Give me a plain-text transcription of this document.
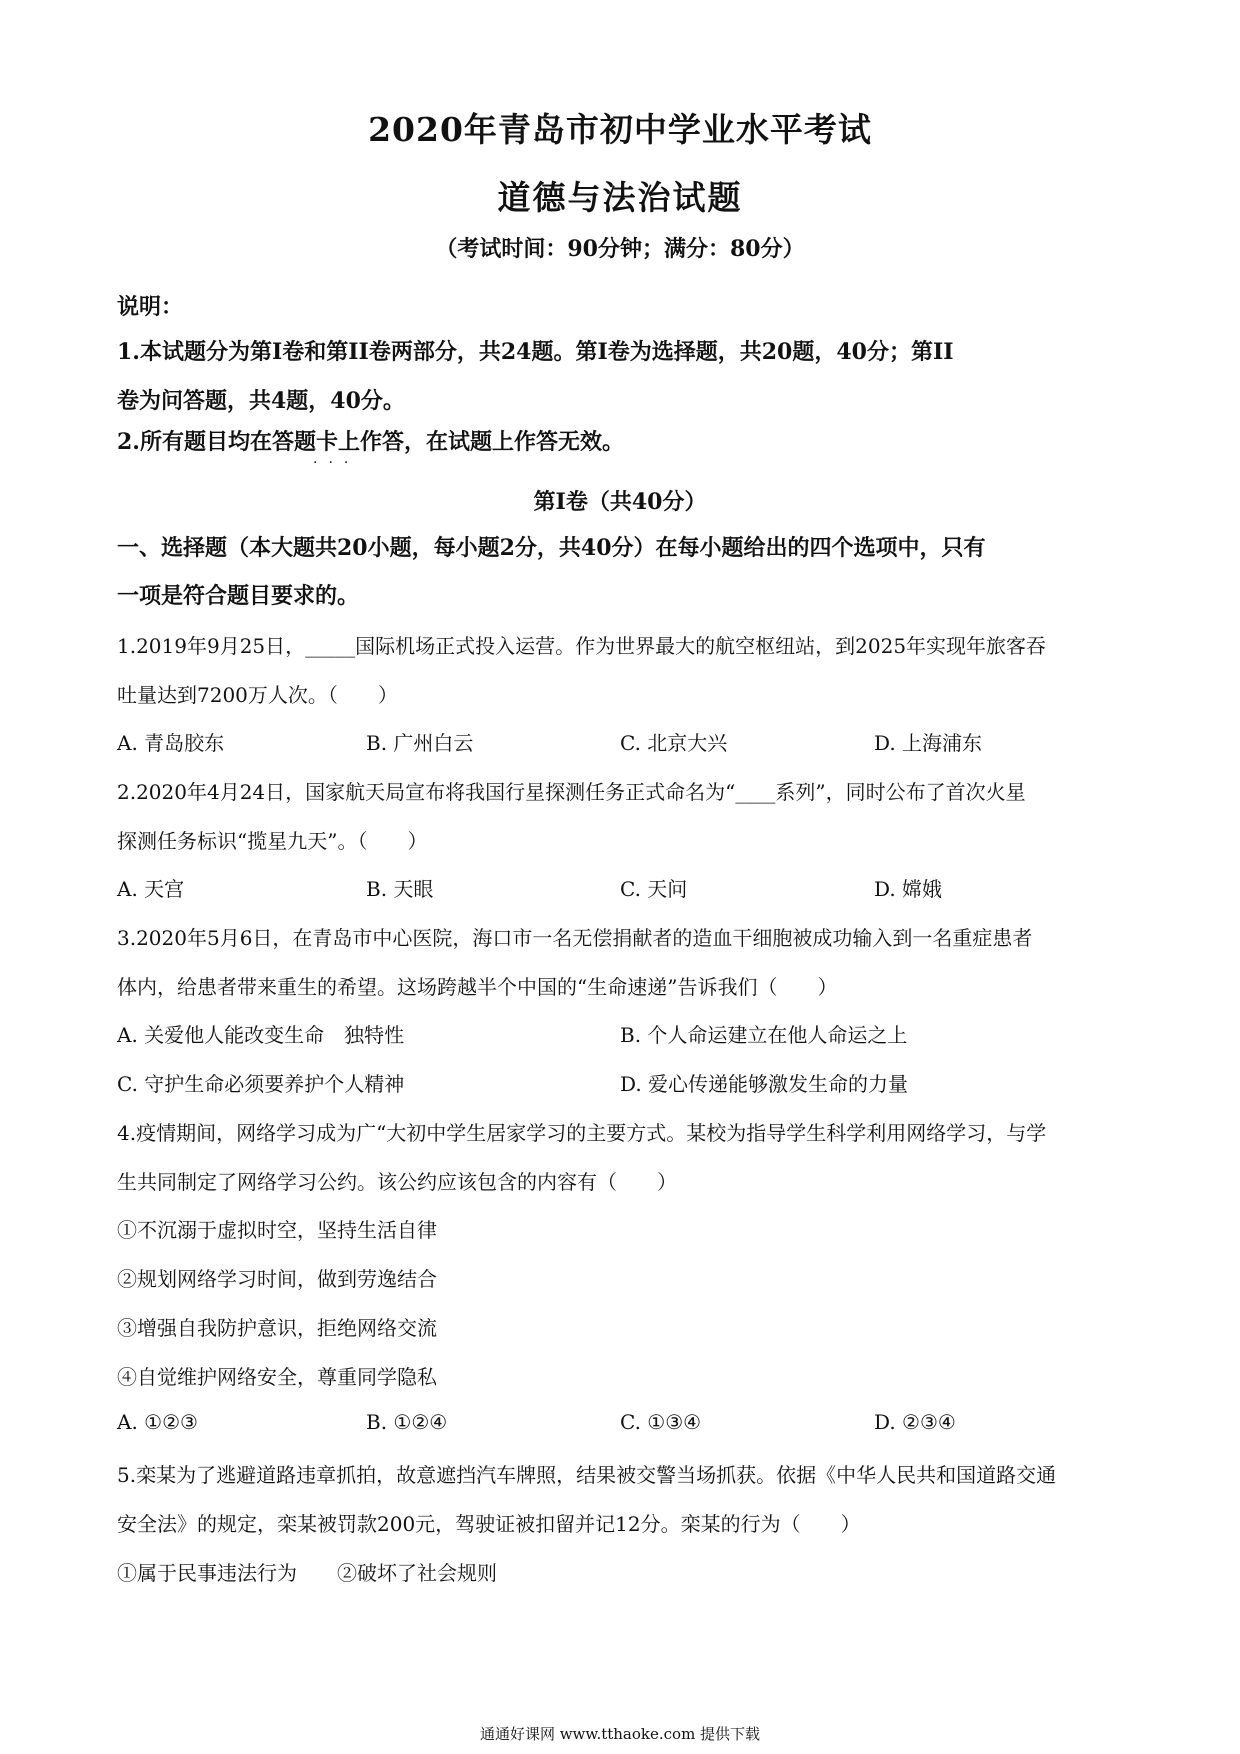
2020年青岛市初中学业水平考试
道德与法治试题
（考试时间：90分钟；满分：80分）
说明：
1.本试题分为第Ⅰ卷和第II卷两部分，共24题。第Ⅰ卷为选择题，共20题，40分；第II
卷为问答题，共4题，40分。
2.所有题目均在答题卡上作答，在试题上作答无效。
···
第Ⅰ卷（共40分）
一、选择题（本大题共20小题，每小题2分，共40分）在每小题给出的四个选项中，只有
一项是符合题目要求的。
1.2019年9月25日，_____国际机场正式投入运营。作为世界最大的航空枢纽站，到2025年实现年旅客吞
吐量达到7200万人次。（　　）
A. 青岛胶东	B. 广州白云	C. 北京大兴	D. 上海浦东
2.2020年4月24日，国家航天局宣布将我国行星探测任务正式命名为“____系列”，同时公布了首次火星
探测任务标识“揽星九天”。（　　）
A. 天宫	B. 天眼	C. 天问	D. 嫦娥
3.2020年5月6日，在青岛市中心医院，海口市一名无偿捐献者的造血干细胞被成功输入到一名重症患者
体内，给患者带来重生的希望。这场跨越半个中国的“生命速递”告诉我们（　　）
A. 关爱他人能改变生命　独特性	B. 个人命运建立在他人命运之上
C. 守护生命必须要养护个人精神	D. 爱心传递能够激发生命的力量
4.疫情期间，网络学习成为广“大初中学生居家学习的主要方式。某校为指导学生科学利用网络学习，与学
生共同制定了网络学习公约。该公约应该包含的内容有（　　）
①不沉溺于虚拟时空，坚持生活自律
②规划网络学习时间，做到劳逸结合
③增强自我防护意识，拒绝网络交流
④自觉维护网络安全，尊重同学隐私
A. ①②③	B. ①②④	C. ①③④	D. ②③④
5.栾某为了逃避道路违章抓拍，故意遮挡汽车牌照，结果被交警当场抓获。依据《中华人民共和国道路交通
安全法》的规定，栾某被罚款200元，驾驶证被扣留并记12分。栾某的行为（　　）
①属于民事违法行为　　②破坏了社会规则
通通好课网 www.tthaoke.com 提供下载
